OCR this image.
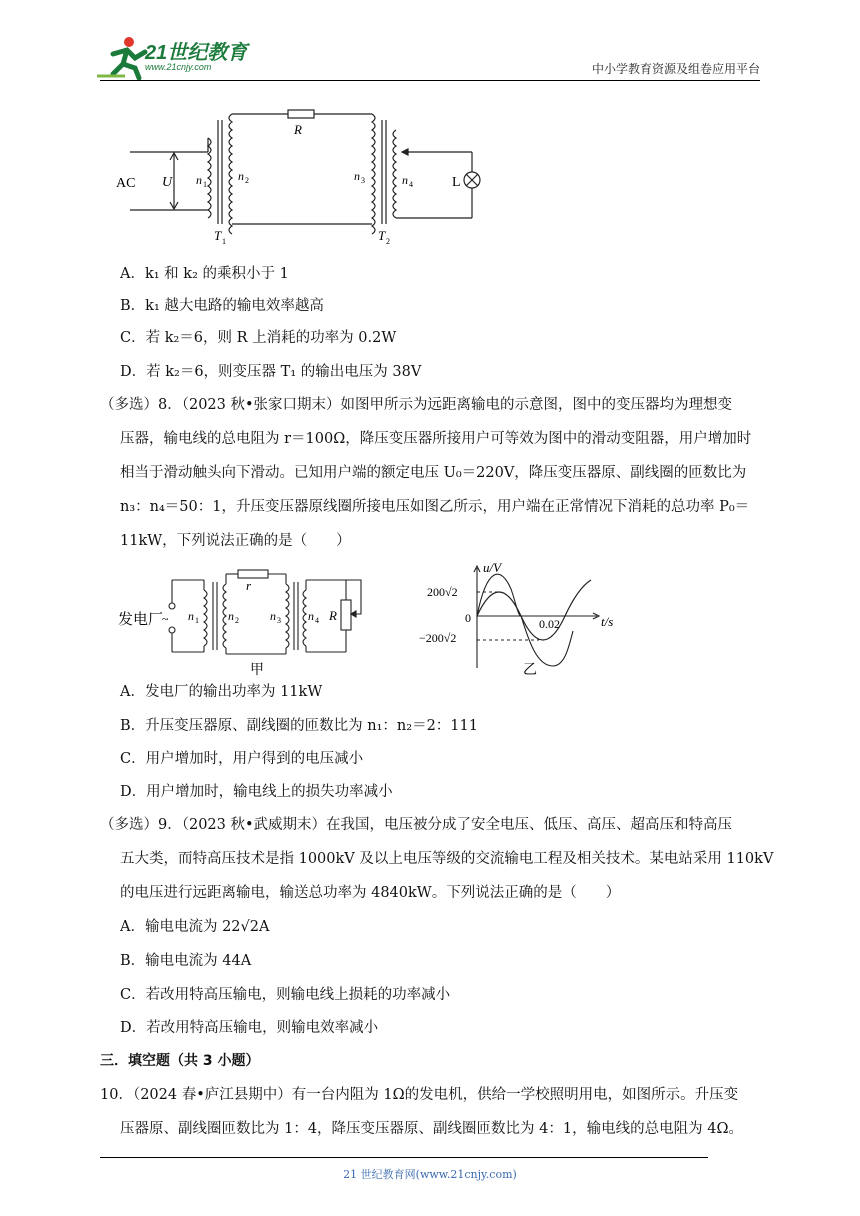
21世纪教育
www.21cnjy.com	中小学教育资源及组卷应用平台
AC U n 1
n 2
R
n 3	n 4	L
T 1	T 2
A．k₁ 和 k₂ 的乘积小于 1
B．k₁ 越大电路的输电效率越高
C．若 k₂＝6，则 R 上消耗的功率为 0.2W
D．若 k₂＝6，则变压器 T₁ 的输出电压为 38V
（多选）8．（2023 秋•张家口期末）如图甲所示为远距离输电的示意图，图中的变压器均为理想变
压器，输电线的总电阻为 r＝100Ω，降压变压器所接用户可等效为图中的滑动变阻器，用户增加时
相当于滑动触头向下滑动。已知用户端的额定电压 U₀＝220V，降压变压器原、副线圈的匝数比为
n₃：n₄＝50：1，升压变压器原线圈所接电压如图乙所示，用户端在正常情况下消耗的总功率 P₀＝
11kW，下列说法正确的是（　　）
发电厂
~ n 1 n 2	n 3 n 4
r
R
甲
u/V
t/s
200√2
0
−200√2
0.02
乙
A．发电厂的输出功率为 11kW
B．升压变压器原、副线圈的匝数比为 n₁：n₂＝2：111
C．用户增加时，用户得到的电压减小
D．用户增加时，输电线上的损失功率减小
（多选）9．（2023 秋•武威期末）在我国，电压被分成了安全电压、低压、高压、超高压和特高压
五大类，而特高压技术是指 1000kV 及以上电压等级的交流输电工程及相关技术。某电站采用 110kV
的电压进行远距离输电，输送总功率为 4840kW。下列说法正确的是（　　）
A．输电电流为 22√2A
B．输电电流为 44A
C．若改用特高压输电，则输电线上损耗的功率减小
D．若改用特高压输电，则输电效率减小
三．填空题（共 3 小题）
10．（2024 春•庐江县期中）有一台内阻为 1Ω的发电机，供给一学校照明用电，如图所示。升压变
压器原、副线圈匝数比为 1：4，降压变压器原、副线圈匝数比为 4：1，输电线的总电阻为 4Ω。
21 世纪教育网(www.21cnjy.com)
